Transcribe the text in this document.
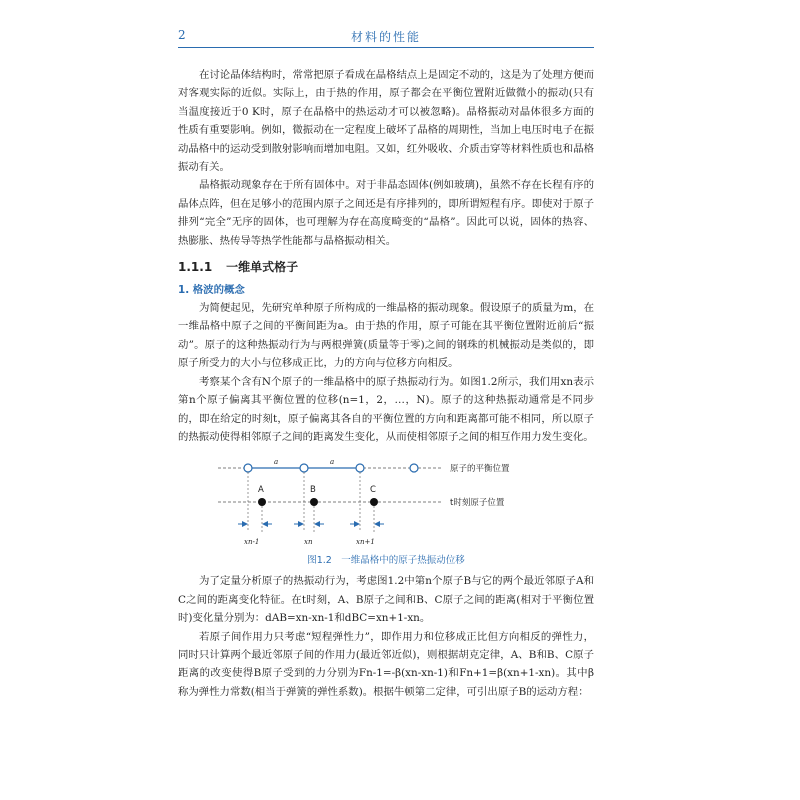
2	材料的性能

在讨论晶体结构时，常常把原子看成在晶格结点上是固定不动的，这是为了处理方便而对客观实际的近似。实际上，由于热的作用，原子都会在平衡位置附近做微小的振动(只有当温度接近于0 K时，原子在晶格中的热运动才可以被忽略)。晶格振动对晶体很多方面的性质有重要影响。例如，微振动在一定程度上破坏了晶格的周期性，当加上电压时电子在振动晶格中的运动受到散射影响而增加电阻。又如，红外吸收、介质击穿等材料性质也和晶格振动有关。

晶格振动现象存在于所有固体中。对于非晶态固体(例如玻璃)，虽然不存在长程有序的晶体点阵，但在足够小的范围内原子之间还是有序排列的，即所谓短程有序。即使对于原子排列“完全”无序的固体，也可理解为存在高度畸变的“晶格”。因此可以说，固体的热容、热膨胀、热传导等热学性能都与晶格振动相关。

1.1.1 一维单式格子
1. 格波的概念

为简便起见，先研究单种原子所构成的一维晶格的振动现象。假设原子的质量为m，在一维晶格中原子之间的平衡间距为a。由于热的作用，原子可能在其平衡位置附近前后“振动”。原子的这种热振动行为与两根弹簧(质量等于零)之间的钢珠的机械振动是类似的，即原子所受力的大小与位移成正比，力的方向与位移方向相反。

考察某个含有N个原子的一维晶格中的原子热振动行为。如图1.2所示，我们用xn表示第n个原子偏离其平衡位置的位移(n=1，2，…，N)。原子的这种热振动通常是不同步的，即在给定的时刻t，原子偏离其各自的平衡位置的方向和距离都可能不相同，所以原子的热振动使得相邻原子之间的距离发生变化，从而使相邻原子之间的相互作用力发生变化。

a	a
A	B	C
xn-1	xn	xn+1
原子的平衡位置
t时刻原子位置
图1.2　一维晶格中的原子热振动位移

为了定量分析原子的热振动行为，考虑图1.2中第n个原子B与它的两个最近邻原子A和C之间的距离变化特征。在t时刻，A、B原子之间和B、C原子之间的距离(相对于平衡位置时)变化量分别为：dAB=xn-xn-1和dBC=xn+1-xn。

若原子间作用力只考虑“短程弹性力”，即作用力和位移成正比但方向相反的弹性力，同时只计算两个最近邻原子间的作用力(最近邻近似)，则根据胡克定律，A、B和B、C原子距离的改变使得B原子受到的力分别为Fn-1=-β(xn-xn-1)和Fn+1=β(xn+1-xn)。其中β称为弹性力常数(相当于弹簧的弹性系数)。根据牛顿第二定律，可引出原子B的运动方程：
